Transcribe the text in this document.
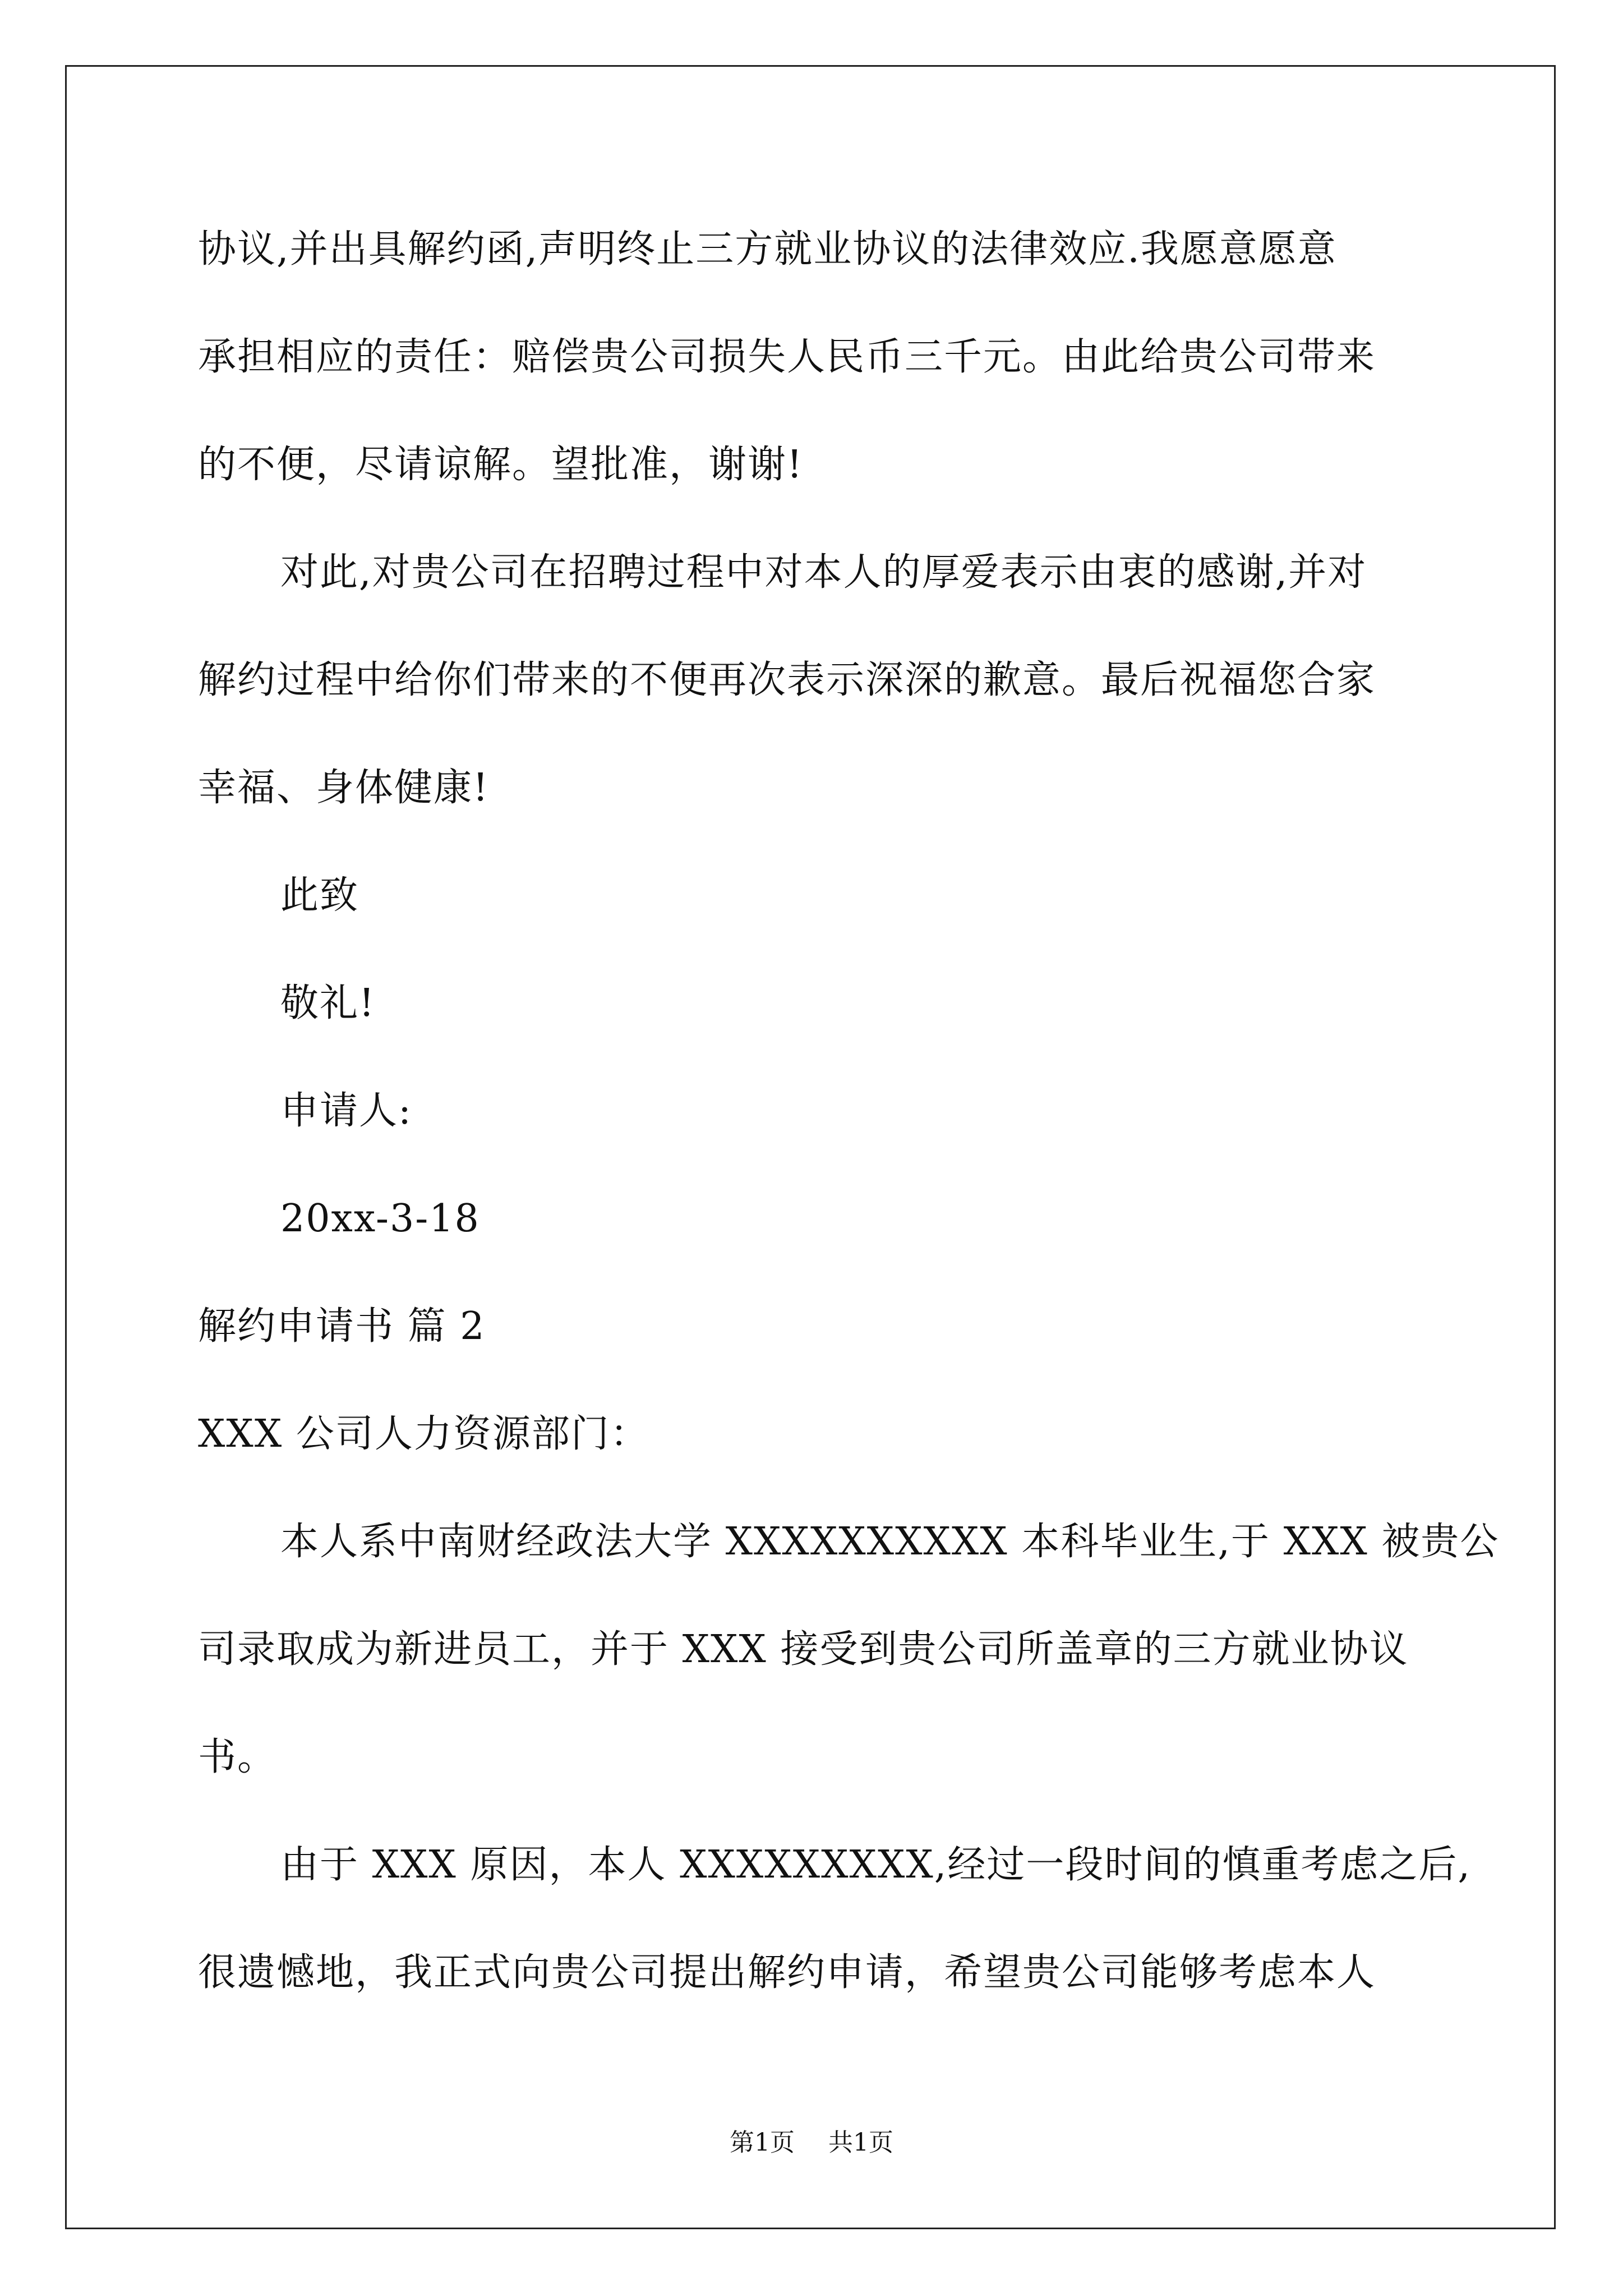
协议,并出具解约函,声明终止三方就业协议的法律效应.我愿意愿意
承担相应的责任：赔偿贵公司损失人民币三千元。由此给贵公司带来
的不便，尽请谅解。望批准，谢谢!
对此,对贵公司在招聘过程中对本人的厚爱表示由衷的感谢,并对
解约过程中给你们带来的不便再次表示深深的歉意。最后祝福您合家
幸福、身体健康!
此致
敬礼!
申请人:
20xx-3-18
解约申请书 篇 2
XXX 公司人力资源部门：
本人系中南财经政法大学 XXXXXXXXXX 本科毕业生,于 XXX 被贵公
司录取成为新进员工，并于 XXX 接受到贵公司所盖章的三方就业协议
书。
由于 XXX 原因，本人 XXXXXXXXX,经过一段时间的慎重考虑之后,
很遗憾地，我正式向贵公司提出解约申请，希望贵公司能够考虑本人
第1页 共1页
